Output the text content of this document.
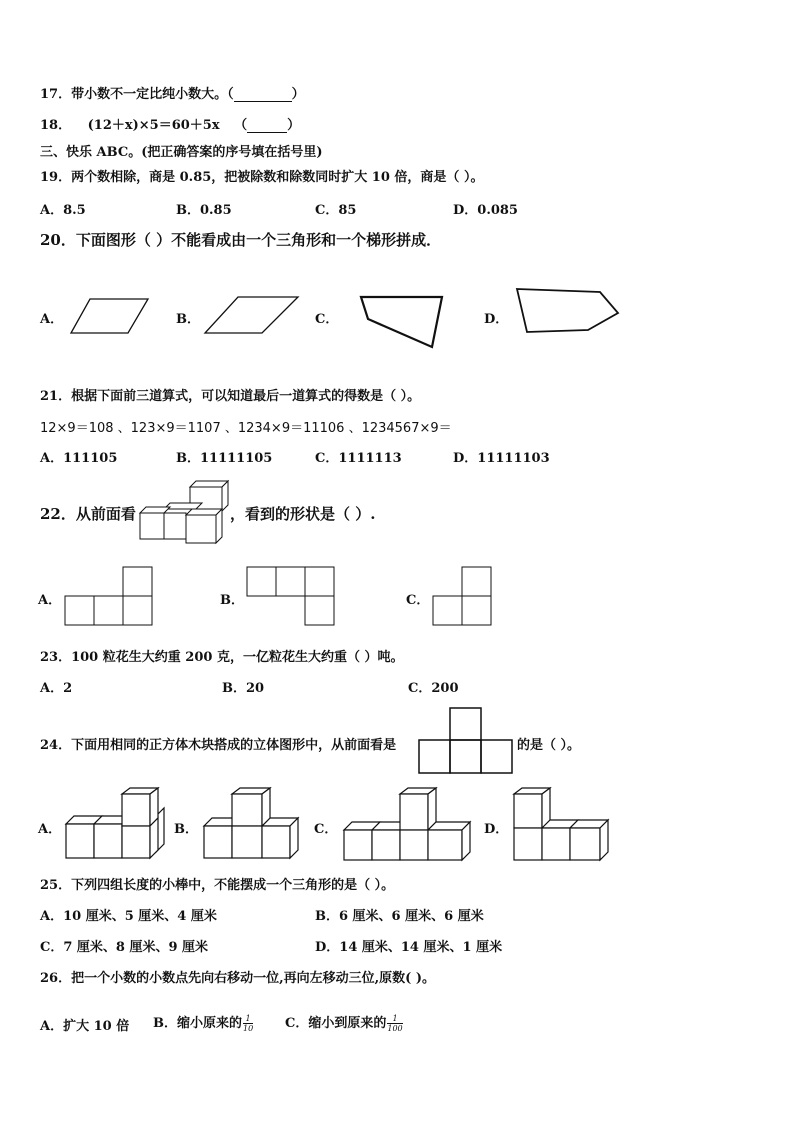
17．带小数不一定比纯小数大。（	）
18． (12＋x)×5＝60＋5x （	）
三、快乐 ABC。(把正确答案的序号填在括号里)
19．两个数相除，商是 0.85，把被除数和除数同时扩大 10 倍，商是（ ）。
A．8.5	B．0.85	C．85	D．0.085
20．下面图形（ ）不能看成由一个三角形和一个梯形拼成．
A．	B．	C．	D．
21．根据下面前三道算式，可以知道最后一道算式的得数是（ ）。
12×9＝108 、123×9＝1107 、1234×9＝11106 、1234567×9＝
A．111105	B．11111105	C．1111113	D．11111103
22．从前面看	，看到的形状是（ ）.
A．	B．	C．
23．100 粒花生大约重 200 克，一亿粒花生大约重（ ）吨。
A．2	B．20	C．200
24．下面用相同的正方体木块搭成的立体图形中，从前面看是	的是（ ）。
A．	B．	C．	D．
25．下列四组长度的小棒中，不能摆成一个三角形的是（ ）。
A．10 厘米、5 厘米、4 厘米	B．6 厘米、6 厘米、6 厘米
C．7 厘米、8 厘米、9 厘米	D．14 厘米、14 厘米、1 厘米
26．把一个小数的小数点先向右移动一位,再向左移动三位,原数( )。
A．扩大 10 倍 B．缩小原来的 $\frac{1}{10}$ C．缩小到原来的 $\frac{1}{100}$
